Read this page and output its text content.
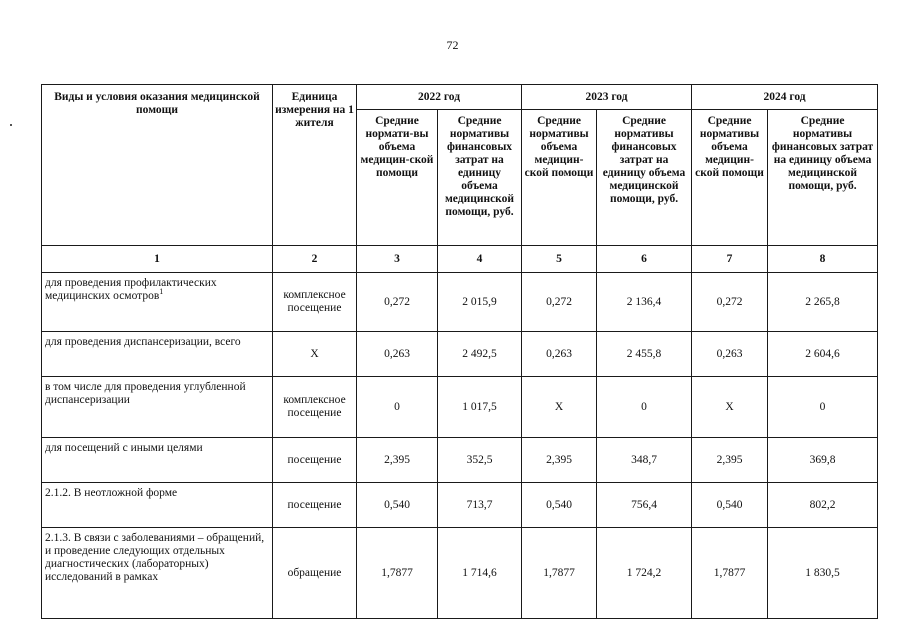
72
Виды и условия оказания медицинской помощи	Единица измерения на 1 жителя	2022 год		2023 год		2024 год	
		Средние нормати-вы объема медицин-ской помощи	Средние нормативы финансовых затрат на единицу объема медицинской помощи, руб.	Средние нормативы объема медицин-ской помощи	Средние нормативы финансовых затрат на единицу объема медицинской помощи, руб.	Средние нормативы объема медицин-ской помощи	Средние нормативы финансовых затрат на единицу объема медицинской помощи, руб.
1	2	3	4	5	6	7	8
для проведения профилактических медицинских осмотров$^1$	комплексное посещение	0,272	2 015,9	0,272	2 136,4	0,272	2 265,8
для проведения диспансеризации, всего	Х	0,263	2 492,5	0,263	2 455,8	0,263	2 604,6
в том числе для проведения углубленной диспансеризации	комплексное посещение	0	1 017,5	Х	0	Х	0
для посещений с иными целями	посещение	2,395	352,5	2,395	348,7	2,395	369,8
2.1.2. В неотложной форме	посещение	0,540	713,7	0,540	756,4	0,540	802,2
2.1.3. В связи с заболеваниями – обращений, и проведение следующих отдельных диагностических (лабораторных) исследований в рамках	обращение	1,7877	1 714,6	1,7877	1 724,2	1,7877	1 830,5
